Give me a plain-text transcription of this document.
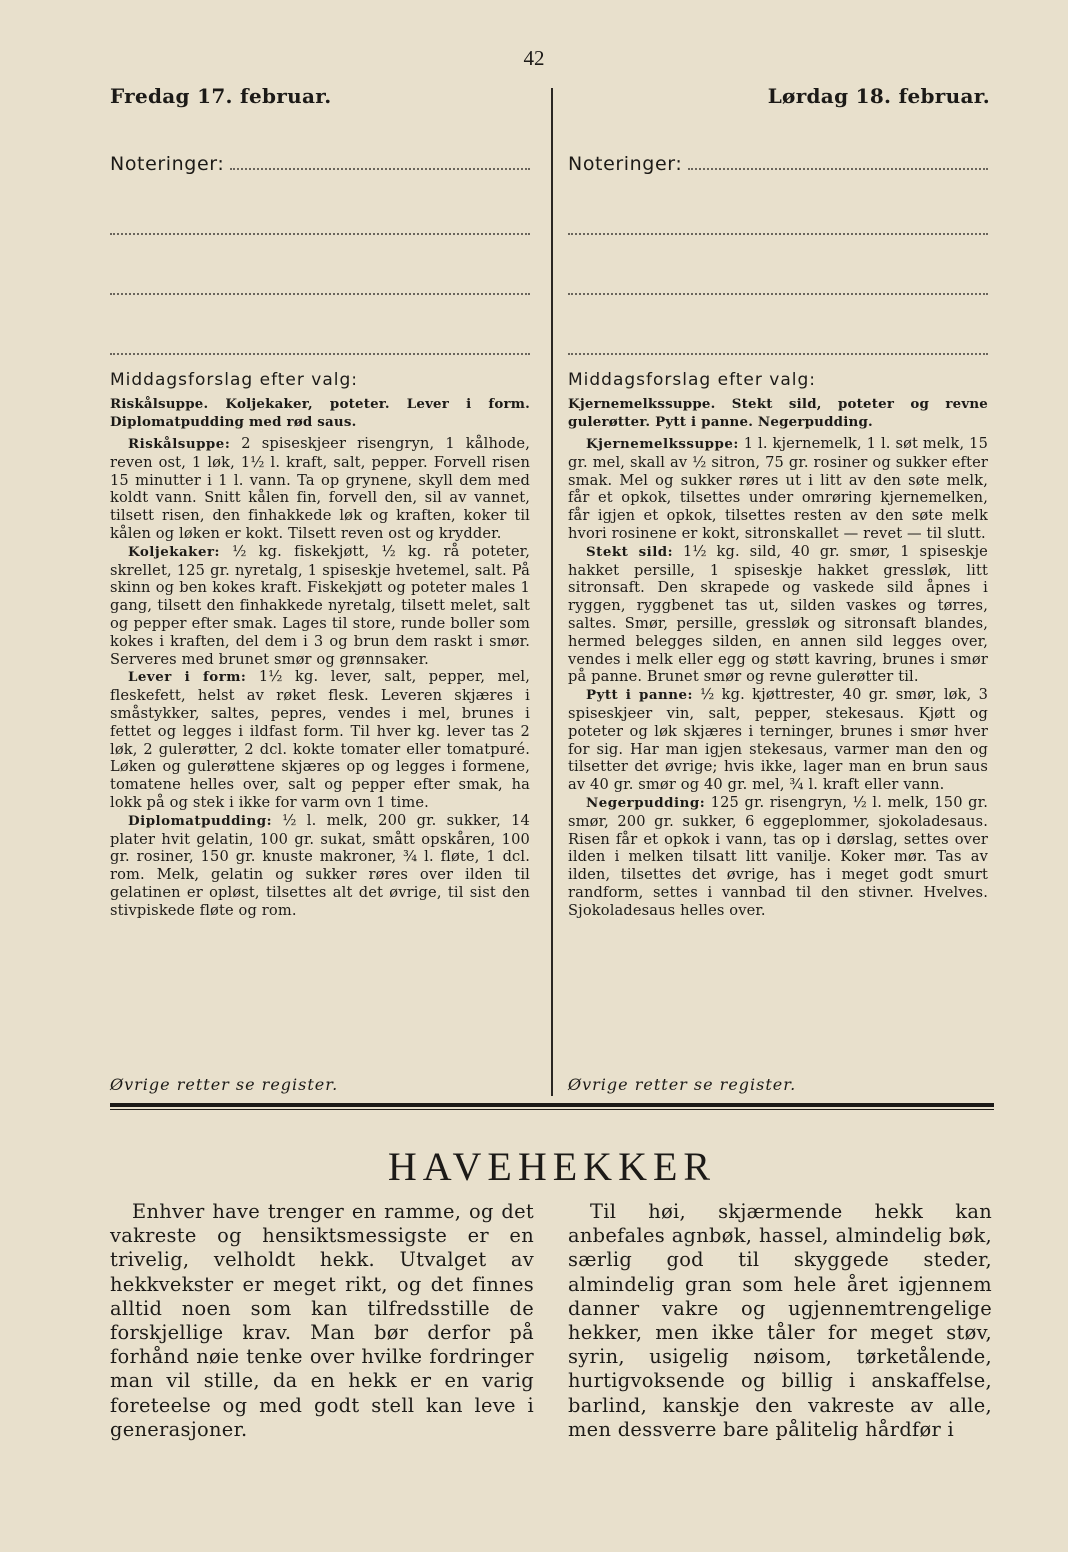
42
Fredag 17. februar.	Lørdag 18. februar.
Noteringer:	Noteringer:
Middagsforslag efter valg:

Riskålsuppe. Koljekaker, poteter. Lever i form. Diplomatpudding med rød saus.

Riskålsuppe: 2 spiseskjeer risengryn, 1 kålhode, reven ost, 1 løk, 1½ l. kraft, salt, pepper. Forvell risen 15 minutter i 1 l. vann. Ta op grynene, skyll dem med koldt vann. Snitt kålen fin, forvell den, sil av vannet, tilsett risen, den finhakkede løk og kraften, koker til kålen og løken er kokt. Tilsett reven ost og krydder.

Koljekaker: ½ kg. fiskekjøtt, ½ kg. rå poteter, skrellet, 125 gr. nyretalg, 1 spiseskje hvetemel, salt. På skinn og ben kokes kraft. Fiskekjøtt og poteter males 1 gang, tilsett den finhakkede nyretalg, tilsett melet, salt og pepper efter smak. Lages til store, runde boller som kokes i kraften, del dem i 3 og brun dem raskt i smør. Serveres med brunet smør og grønnsaker.

Lever i form: 1½ kg. lever, salt, pepper, mel, fleskefett, helst av røket flesk. Leveren skjæres i småstykker, saltes, pepres, vendes i mel, brunes i fettet og legges i ildfast form. Til hver kg. lever tas 2 løk, 2 gulerøtter, 2 dcl. kokte tomater eller tomatpuré. Løken og gulerøttene skjæres op og legges i formene, tomatene helles over, salt og pepper efter smak, ha lokk på og stek i ikke for varm ovn 1 time.

Diplomatpudding: ½ l. melk, 200 gr. sukker, 14 plater hvit gelatin, 100 gr. sukat, smått opskåren, 100 gr. rosiner, 150 gr. knuste makroner, ¾ l. fløte, 1 dcl. rom. Melk, gelatin og sukker røres over ilden til gelatinen er opløst, tilsettes alt det øvrige, til sist den stivpiskede fløte og rom.

Middagsforslag efter valg:

Kjernemelkssuppe. Stekt sild, poteter og revne gulerøtter. Pytt i panne. Negerpudding.

Kjernemelkssuppe: 1 l. kjernemelk, 1 l. søt melk, 15 gr. mel, skall av ½ sitron, 75 gr. rosiner og sukker efter smak. Mel og sukker røres ut i litt av den søte melk, får et opkok, tilsettes under omrøring kjernemelken, får igjen et opkok, tilsettes resten av den søte melk hvori rosinene er kokt, sitronskallet — revet — til slutt.

Stekt sild: 1½ kg. sild, 40 gr. smør, 1 spiseskje hakket persille, 1 spiseskje hakket gressløk, litt sitronsaft. Den skrapede og vaskede sild åpnes i ryggen, ryggbenet tas ut, silden vaskes og tørres, saltes. Smør, persille, gressløk og sitronsaft blandes, hermed belegges silden, en annen sild legges over, vendes i melk eller egg og støtt kavring, brunes i smør på panne. Brunet smør og revne gulerøtter til.

Pytt i panne: ½ kg. kjøttrester, 40 gr. smør, løk, 3 spiseskjeer vin, salt, pepper, stekesaus. Kjøtt og poteter og løk skjæres i terninger, brunes i smør hver for sig. Har man igjen stekesaus, varmer man den og tilsetter det øvrige; hvis ikke, lager man en brun saus av 40 gr. smør og 40 gr. mel, ¾ l. kraft eller vann.

Negerpudding: 125 gr. risengryn, ½ l. melk, 150 gr. smør, 200 gr. sukker, 6 eggeplommer, sjokoladesaus. Risen får et opkok i vann, tas op i dørslag, settes over ilden i melken tilsatt litt vanilje. Koker mør. Tas av ilden, tilsettes det øvrige, has i meget godt smurt randform, settes i vannbad til den stivner. Hvelves. Sjokoladesaus helles over.

Øvrige retter se register.	Øvrige retter se register.
HAVEHEKKER

Enhver have trenger en ramme, og det vakreste og hensiktsmessigste er en trivelig, velholdt hekk. Utvalget av hekkvekster er meget rikt, og det finnes alltid noen som kan tilfredsstille de forskjellige krav. Man bør derfor på forhånd nøie tenke over hvilke fordringer man vil stille, da en hekk er en varig foreteelse og med godt stell kan leve i generasjoner.

Til høi, skjærmende hekk kan anbefales agnbøk, hassel, almindelig bøk, særlig god til skyggede steder, almindelig gran som hele året igjennem danner vakre og ugjennemtrengelige hekker, men ikke tåler for meget støv, syrin, usigelig nøisom, tørketålende, hurtigvoksende og billig i anskaffelse, barlind, kanskje den vakreste av alle, men dessverre bare pålitelig hårdfør i
